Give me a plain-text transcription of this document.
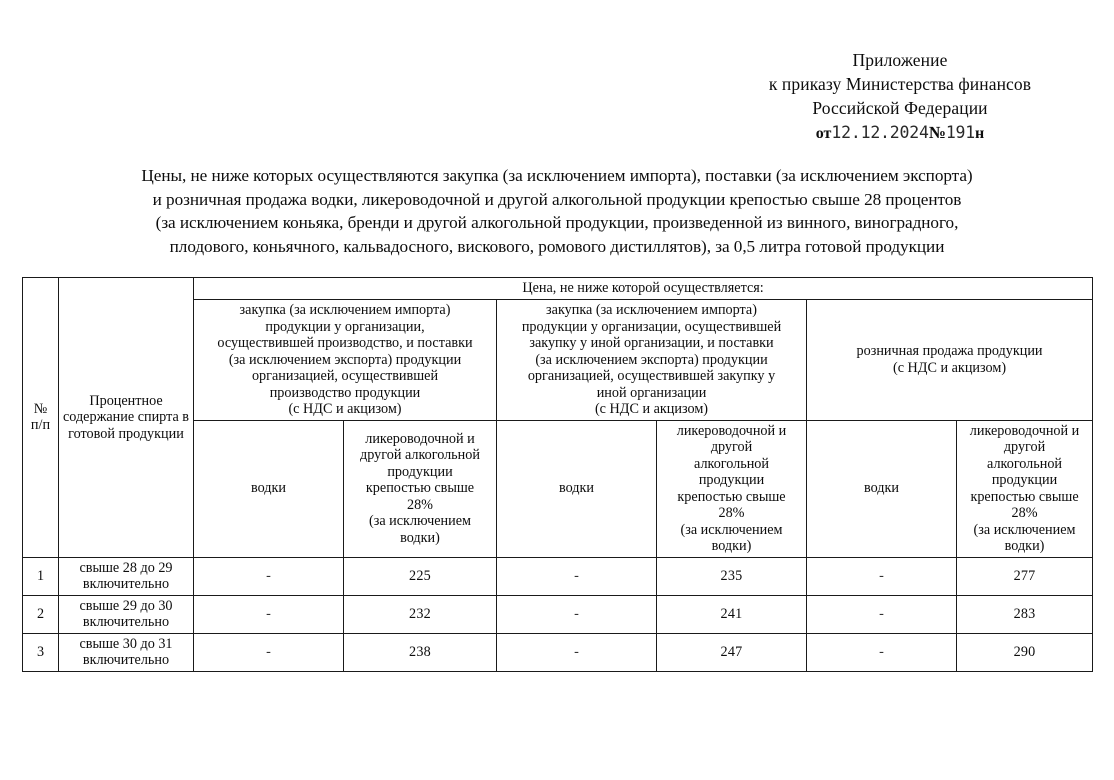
Приложение
к приказу Министерства финансов
Российской Федерации
от12.12.2024№191н
Цены, не ниже которых осуществляются закупка (за исключением импорта), поставки (за исключением экспорта)
и розничная продажа водки, ликероводочной и другой алкогольной продукции крепостью свыше 28 процентов
(за исключением коньяка, бренди и другой алкогольной продукции, произведенной из винного, виноградного,
плодового, коньячного, кальвадосного, вискового, ромового дистиллятов), за 0,5 литра готовой продукции
№
п/п	Процентное содержание спирта в готовой продукции	Цена, не ниже которой осуществляется:					
закупка (за исключением импорта)
продукции у организации,
осуществившей производство, и поставки
(за исключением экспорта) продукции
организацией, осуществившей
производство продукции
(с НДС и акцизом)	закупка (за исключением импорта)
продукции у организации, осуществившей
закупку у иной организации, и поставки
(за исключением экспорта) продукции
организацией, осуществившей закупку у
иной организации
(с НДС и акцизом)	розничная продажа продукции
(с НДС и акцизом)
водки	ликероводочной и
другой алкогольной
продукции
крепостью свыше
28%
(за исключением
водки)	водки	ликероводочной и
другой
алкогольной
продукции
крепостью свыше
28%
(за исключением
водки)	водки	ликероводочной и
другой
алкогольной
продукции
крепостью свыше
28%
(за исключением
водки)
1	свыше 28 до 29
включительно	-	225	-	235	-	277
2	свыше 29 до 30
включительно	-	232	-	241	-	283
3	свыше 30 до 31
включительно	-	238	-	247	-	290
